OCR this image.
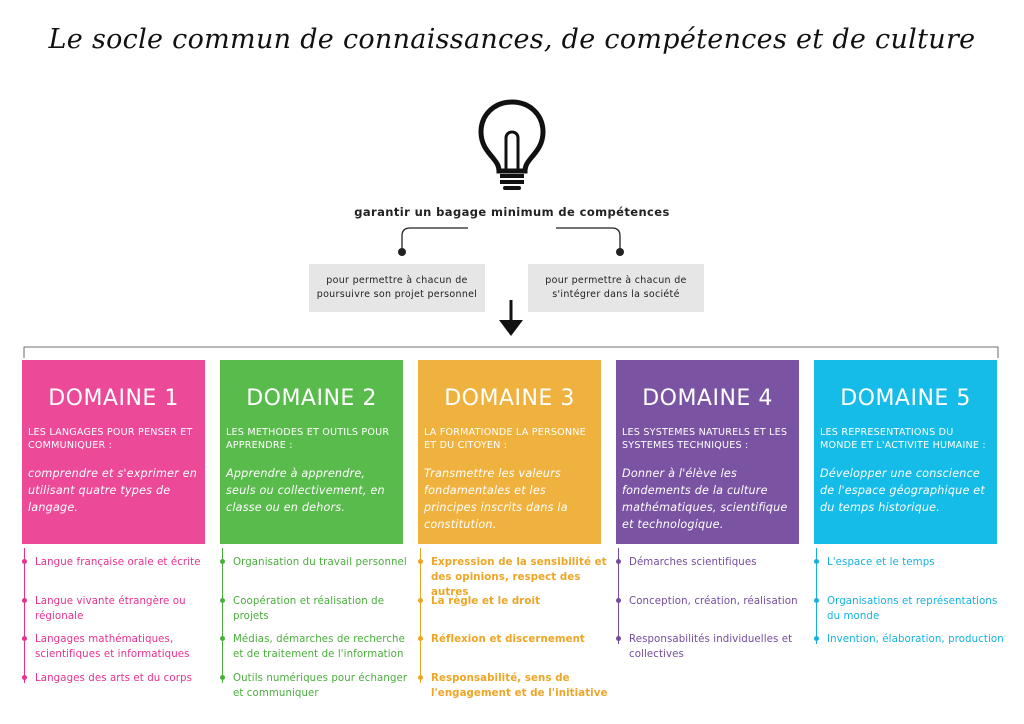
Le socle commun de connaissances, de compétences et de culture
garantir un bagage minimum de compétences
pour permettre à chacun de poursuivre son projet personnel
pour permettre à chacun de s'intégrer dans la société
DOMAINE 1
LES LANGAGES POUR PENSER ET COMMUNIQUER :
comprendre et s'exprimer en utilisant quatre types de langage.
Langue française orale et écrite
Langue vivante étrangère ou régionale
Langages mathématiques, scientifiques et informatiques
Langages des arts et du corps
DOMAINE 2
LES METHODES ET OUTILS POUR APPRENDRE :
Apprendre à apprendre, seuls ou collectivement, en classe ou en dehors.
Organisation du travail personnel
Coopération et réalisation de projets
Médias, démarches de recherche et de traitement de l'information
Outils numériques pour échanger et communiquer
DOMAINE 3
LA FORMATIONDE LA PERSONNE ET DU CITOYEN :
Transmettre les valeurs fondamentales et les principes inscrits dans la constitution.
Expression de la sensibilité et des opinions, respect des autres
La règle et le droit
Réflexion et discernement
Responsabilité, sens de l'engagement et de l'initiative
DOMAINE 4
LES SYSTEMES NATURELS ET LES SYSTEMES TECHNIQUES :
Donner à l'élève les fondements de la culture mathématiques, scientifique et technologique.
Démarches scientifiques
Conception, création, réalisation
Responsabilités individuelles et collectives
DOMAINE 5
LES REPRESENTATIONS DU MONDE ET L'ACTIVITE HUMAINE :
Développer une conscience de l'espace géographique et du temps historique.
L'espace et le temps
Organisations et représentations du monde
Invention, élaboration, production
